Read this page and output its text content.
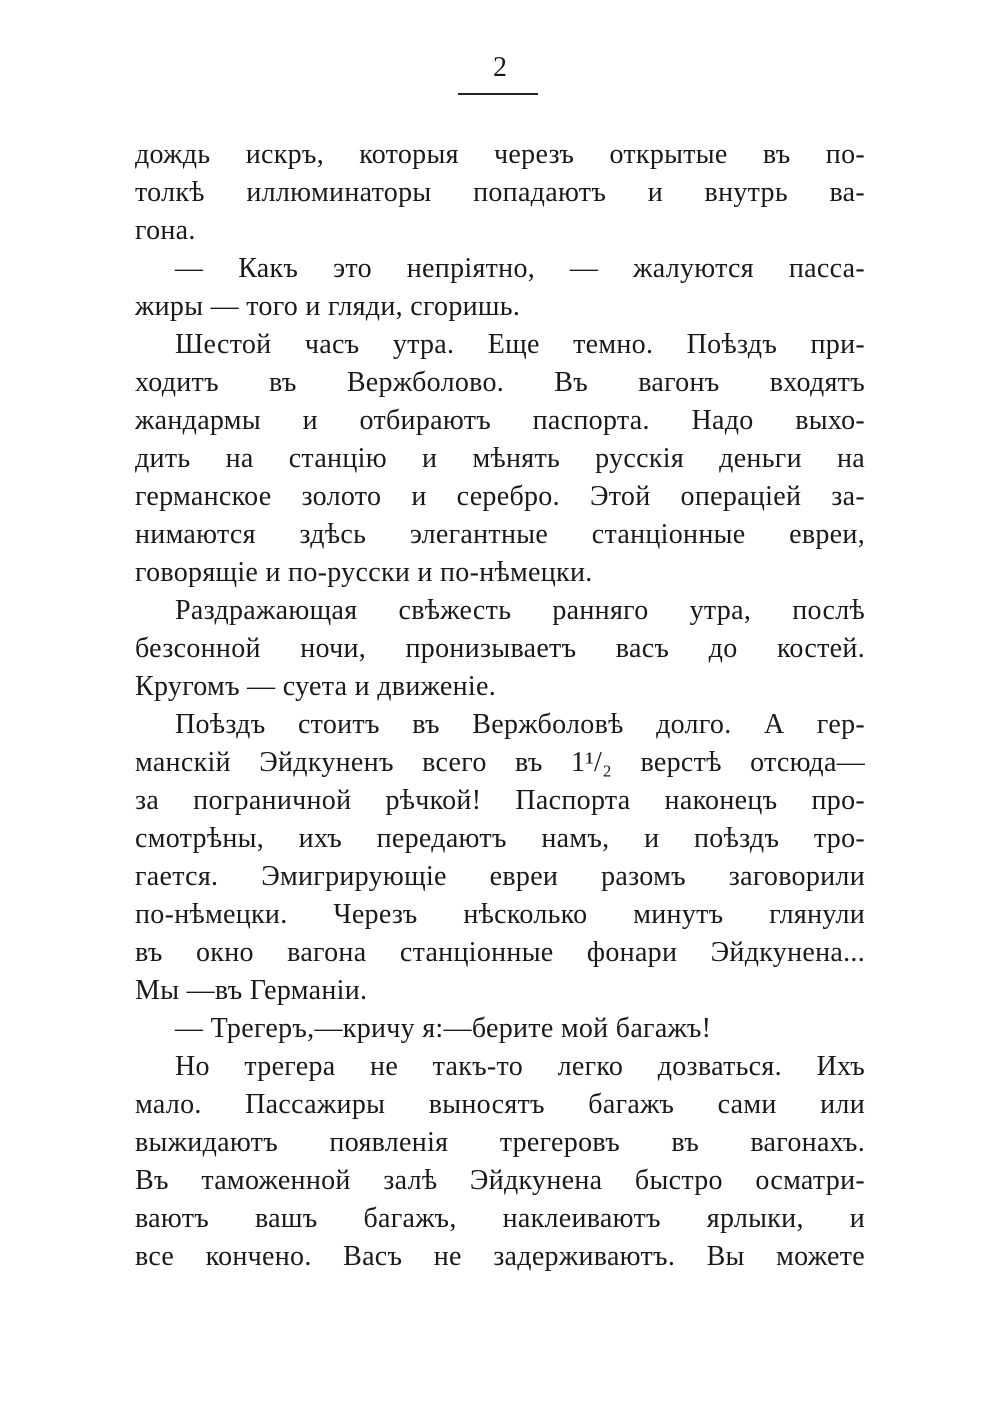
2
дождь искръ, которыя черезъ открытые въ по-
толкѣ иллюминаторы попадаютъ и внутрь ва-
гона.
— Какъ это непріятно, — жалуются пасса-
жиры — того и гляди, сгоришь.
Шестой часъ утра. Еще темно. Поѣздъ при-
ходитъ въ Вержболово. Въ вагонъ входятъ
жандармы и отбираютъ паспорта. Надо выхо-
дить на станцію и мѣнять русскія деньги на
германское золото и серебро. Этой операціей за-
нимаются здѣсь элегантные станціонные евреи,
говорящіе и по-русски и по-нѣмецки.
Раздражающая свѣжесть ранняго утра, послѣ
безсонной ночи, пронизываетъ васъ до костей.
Кругомъ — суета и движеніе.
Поѣздъ стоитъ въ Вержболовѣ долго. А гер-
манскій Эйдкуненъ всего въ 1¹/₂ верстѣ отсюда—
за пограничной рѣчкой! Паспорта наконецъ про-
смотрѣны, ихъ передаютъ намъ, и поѣздъ тро-
гается. Эмигрирующіе евреи разомъ заговорили
по-нѣмецки. Черезъ нѣсколько минутъ глянули
въ окно вагона станціонные фонари Эйдкунена...
Мы —въ Германіи.
— Трегеръ,—кричу я:—берите мой багажъ!
Но трегера не такъ-то легко дозваться. Ихъ
мало. Пассажиры выносятъ багажъ сами или
выжидаютъ появленія трегеровъ въ вагонахъ.
Въ таможенной залѣ Эйдкунена быстро осматри-
ваютъ вашъ багажъ, наклеиваютъ ярлыки, и
все кончено. Васъ не задерживаютъ. Вы можете
